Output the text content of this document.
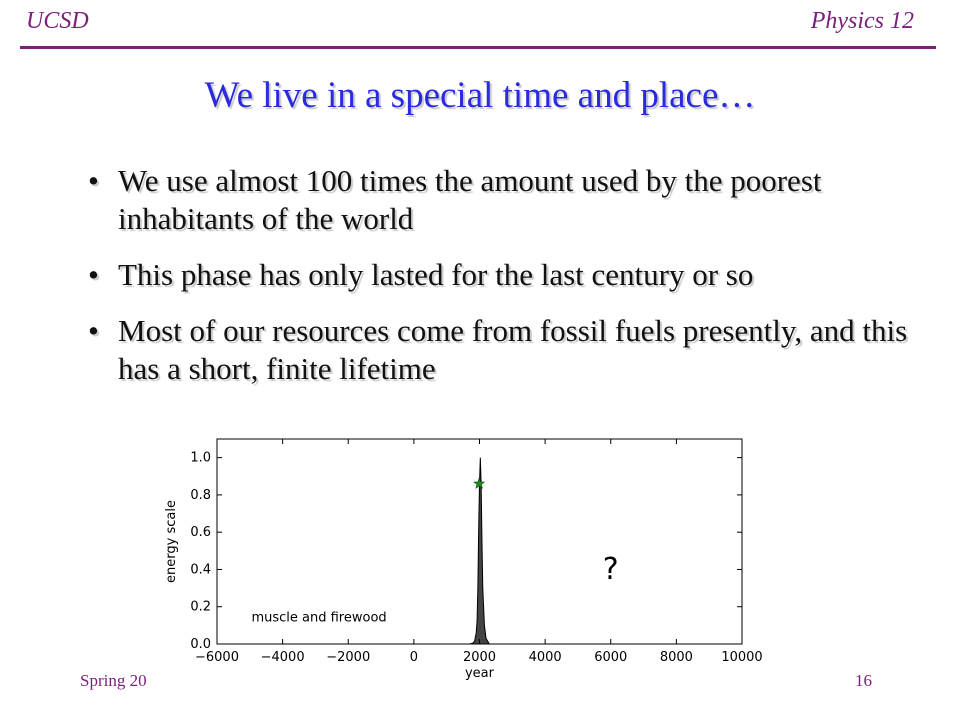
UCSD	Physics 12
We live in a special time and place…
• We use almost 100 times the amount used by the poorest inhabitants of the world
• This phase has only lasted for the last century or so
• Most of our resources come from fossil fuels presently, and this has a short, finite lifetime
Spring 20	16
−6000 −4000 −2000	0	2000	4000	6000	8000 10000
0.0
0.2
0.4
0.6
0.8
1.0
year
energy scale
muscle and firewood
?
